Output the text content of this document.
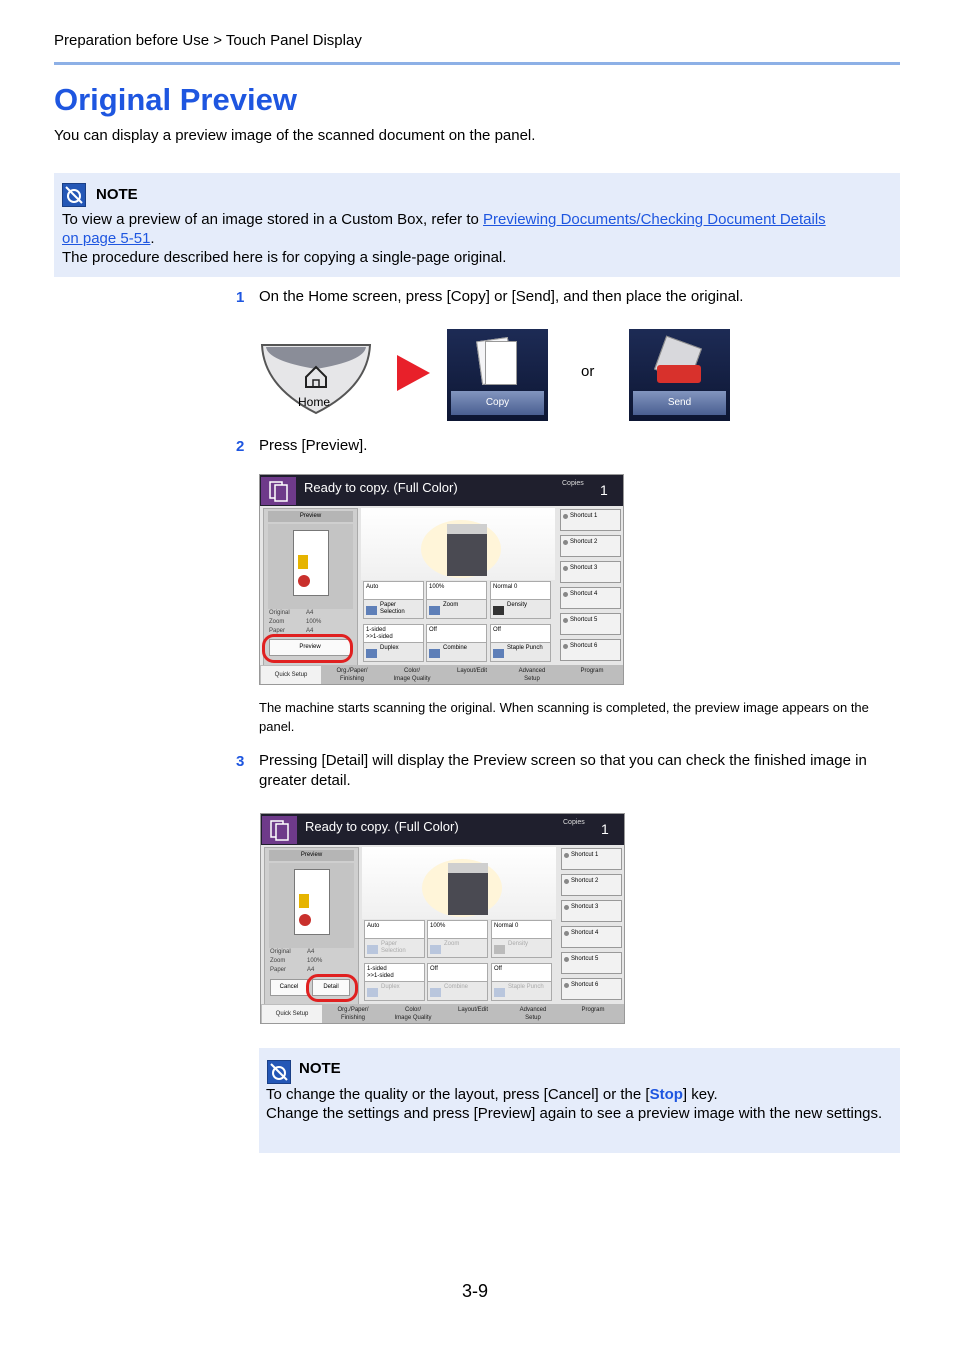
Preparation before Use > Touch Panel Display
Original Preview
You can display a preview image of the scanned document on the panel.
NOTE
To view a preview of an image stored in a Custom Box, refer to Previewing Documents/Checking Document Details
on page 5-51.
The procedure described here is for copying a single-page original.
1 On the Home screen, press [Copy] or [Send], and then place the original.
Home	Copy
or
Send
2 Press [Preview].
Ready to copy. (Full Color)	Copies 1
Preview
Original	A4
Zoom	100%
Paper	A4
Preview
Auto	100%	Normal 0
Paper Selection
Zoom	Density
1-sided
>>1-sided
Off	Off
Duplex	Combine	Staple Punch
Shortcut 1
Shortcut 2
Shortcut 3
Shortcut 4
Shortcut 5
Shortcut 6
Quick Setup
Org./Paper/
Finishing
Color/
Image Quality
Layout/Edit	Advanced
Setup
Program
The machine starts scanning the original. When scanning is completed, the preview image appears on the panel.
3 Pressing [Detail] will display the Preview screen so that you can check the finished image in greater detail.
Ready to copy. (Full Color)	Copies 1
Preview
Original	A4
Zoom	100%
Paper	A4
Cancel	Detail
Auto	100%	Normal 0
Paper Selection
Zoom	Density
1-sided
>>1-sided
Off	Off
Duplex	Combine	Staple Punch
Shortcut 1
Shortcut 2
Shortcut 3
Shortcut 4
Shortcut 5
Shortcut 6
Quick Setup
Org./Paper/
Finishing
Color/
Image Quality
Layout/Edit	Advanced
Setup
Program
NOTE
To change the quality or the layout, press [Cancel] or the [Stop] key.
Change the settings and press [Preview] again to see a preview image with the new settings.
3-9
